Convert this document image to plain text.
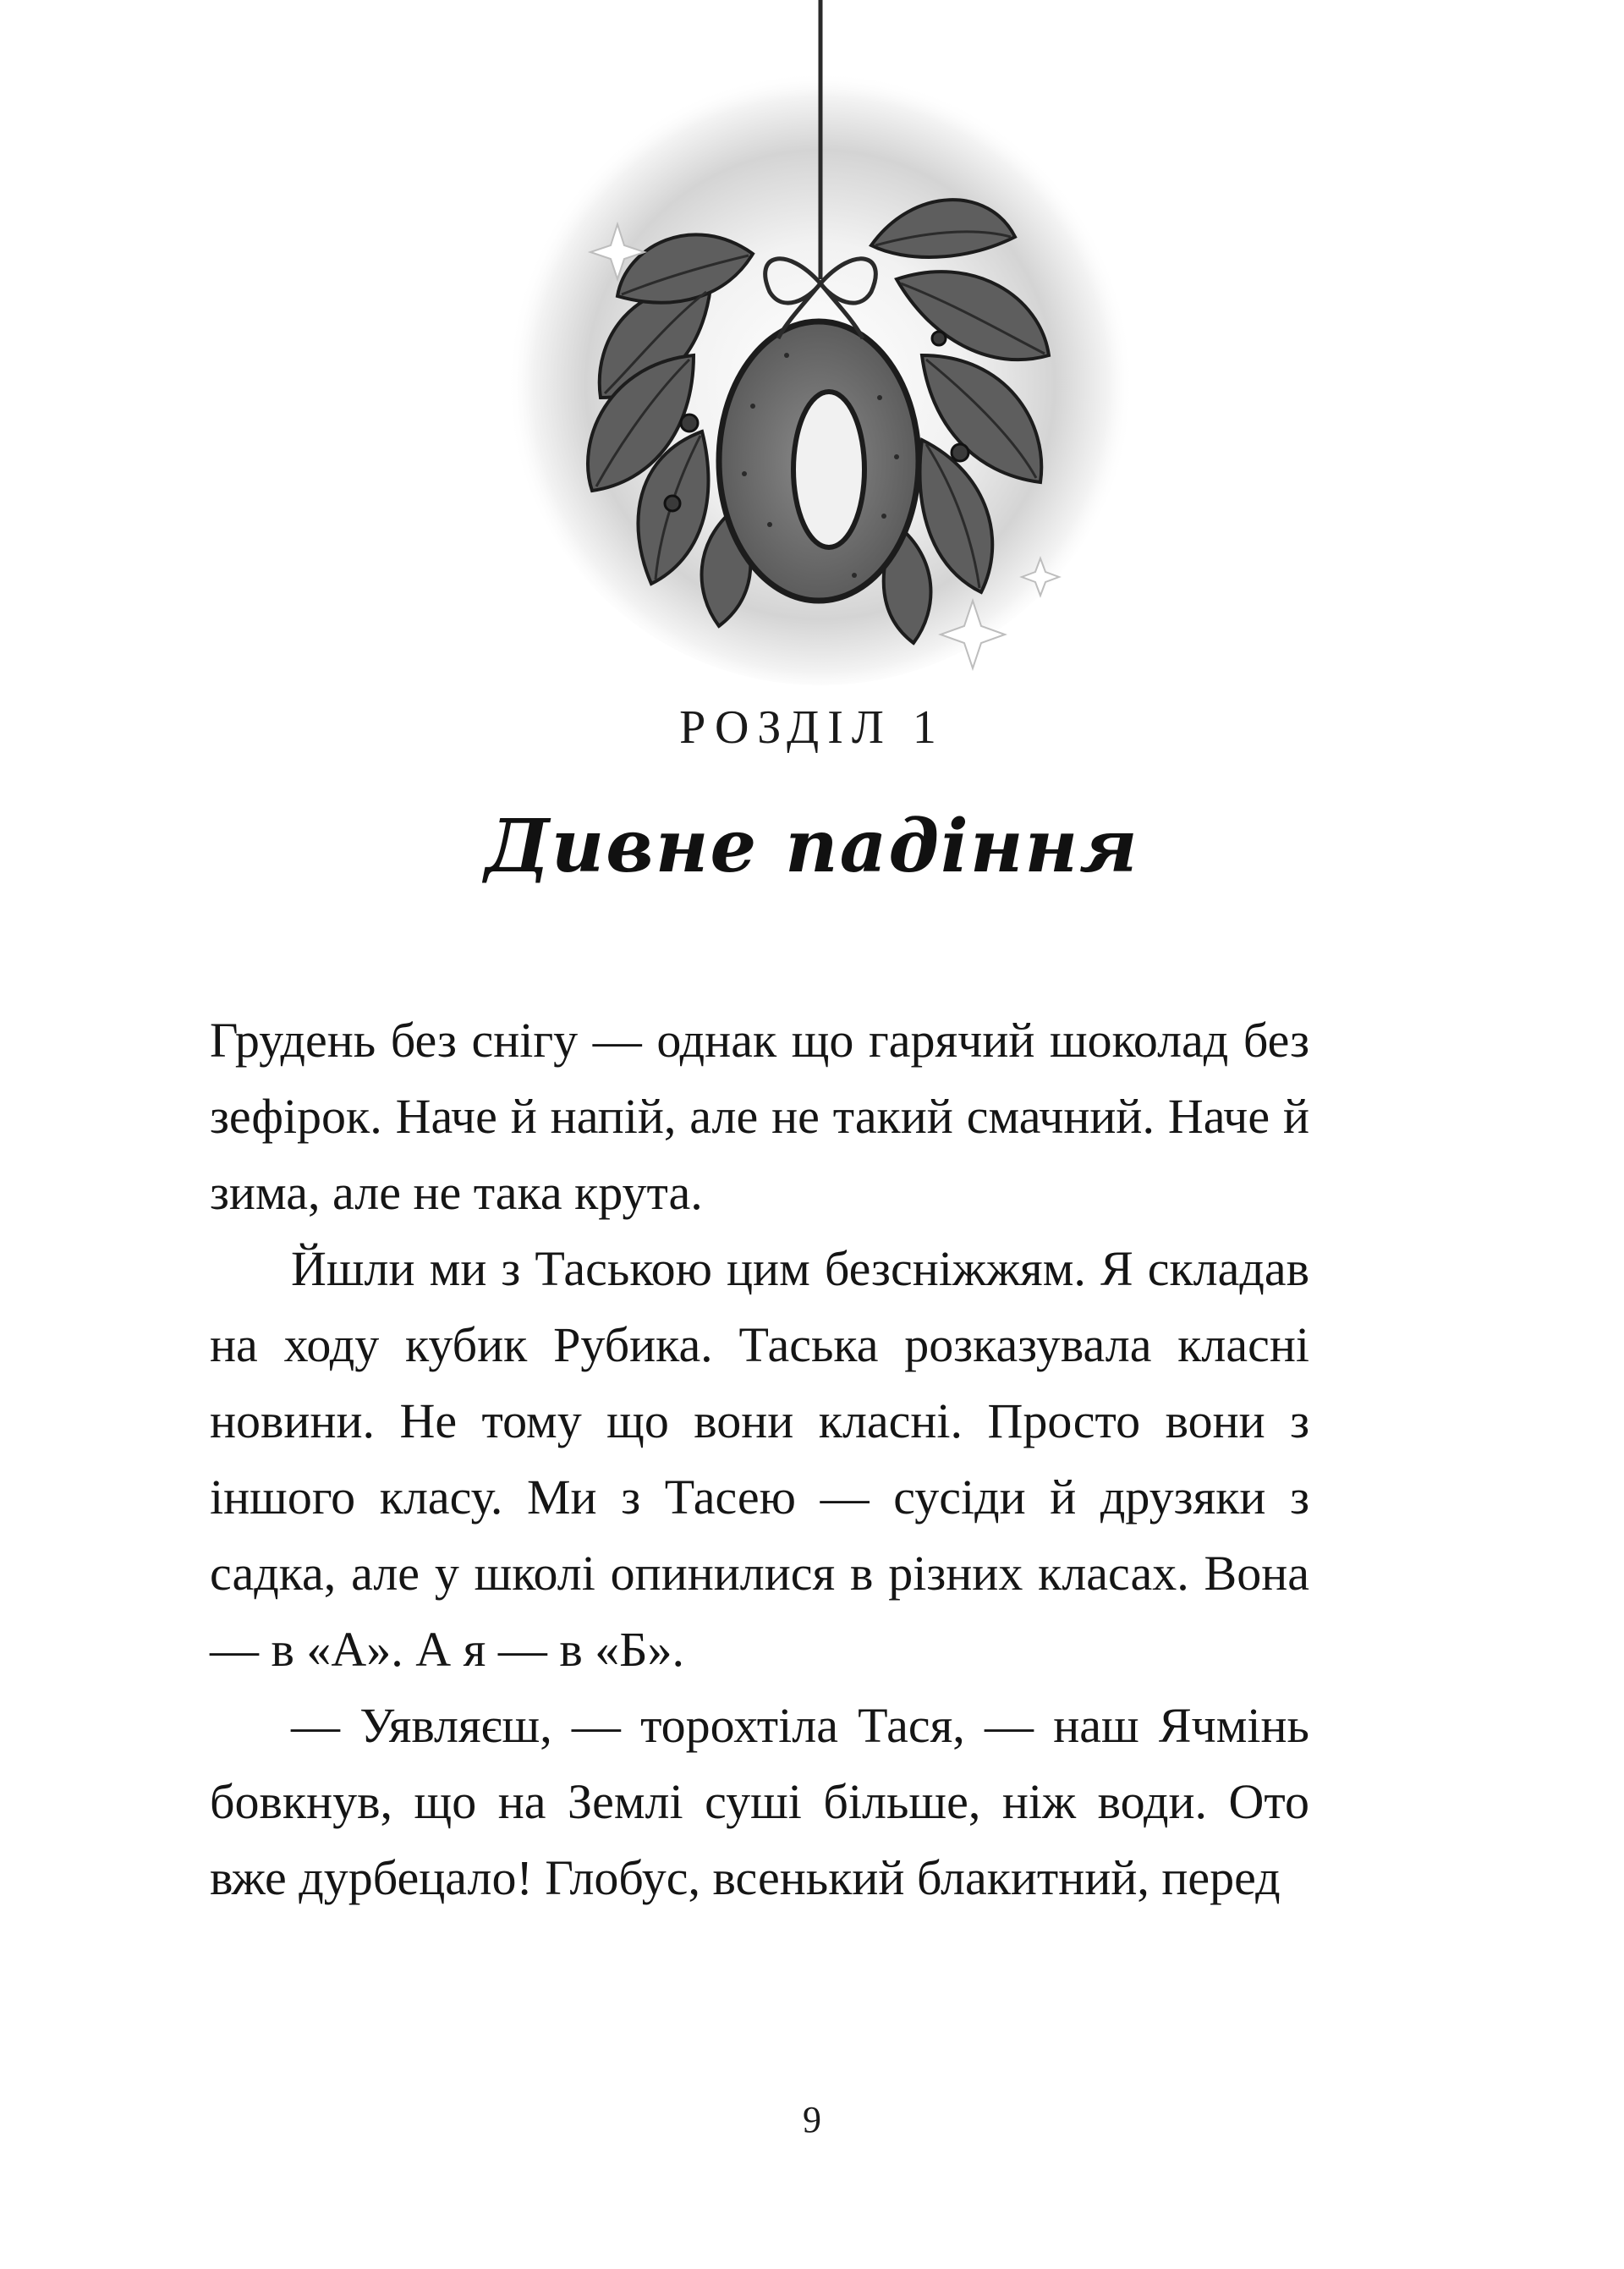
РОЗДІЛ 1
Дивне падіння

Грудень без снігу — однак що гарячий шоколад без зефірок. Наче й напій, але не такий смачний. Наче й зима, але не така крута.

Йшли ми з Таською цим безсніжжям. Я складав на ходу кубик Рубика. Таська розказувала класні новини. Не тому що вони класні. Просто вони з іншого класу. Ми з Тасею — сусіди й друзяки з садка, але у школі опинилися в різних класах. Вона — в «А». А я — в «Б».

— Уявляєш, — торохтіла Тася, — наш Ячмінь бовкнув, що на Землі суші більше, ніж води. Ото вже дурбецало! Глобус, всенький блакитний, перед

9
